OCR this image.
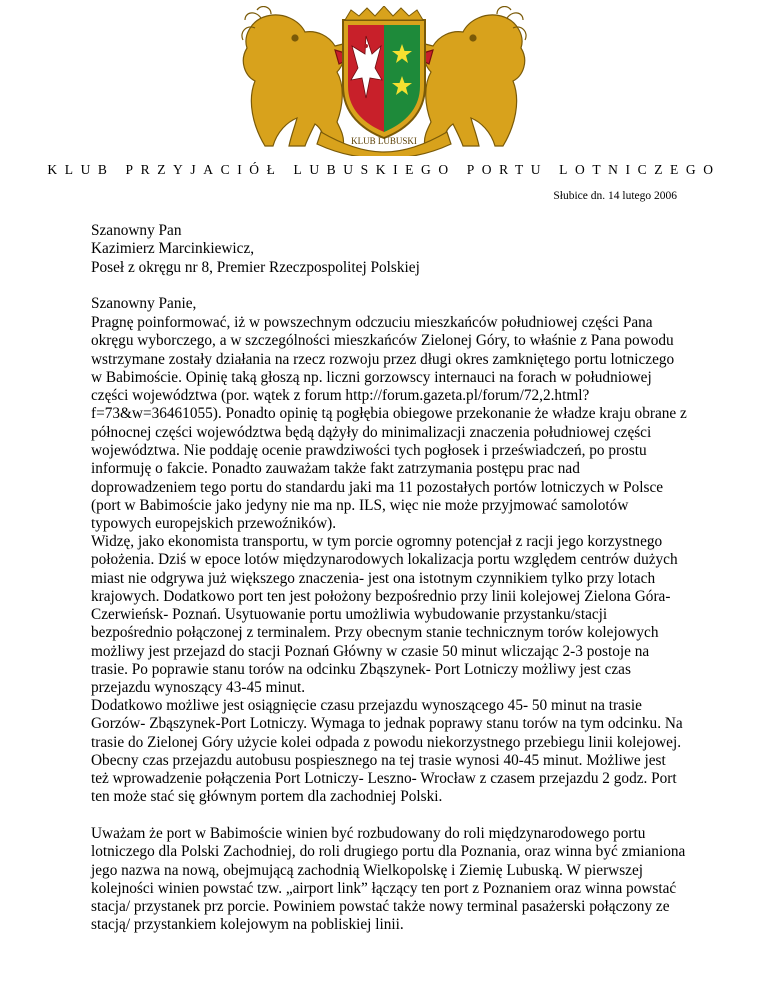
KLUB LUBUSKI
KLUB PRZYJACIÓŁ LUBUSKIEGO PORTU LOTNICZEGO
Słubice dn. 14 lutego 2006
Szanowny Pan
Kazimierz Marcinkiewicz,
Poseł z okręgu nr 8, Premier Rzeczpospolitej Polskiej
Szanowny Panie,

Pragnę poinformować, iż w powszechnym odczuciu mieszkańców południowej części Pana okręgu wyborczego, a w szczególności mieszkańców Zielonej Góry, to właśnie z Pana powodu wstrzymane zostały działania na rzecz rozwoju przez długi okres zamkniętego portu lotniczego w Babimoście. Opinię taką głoszą np. liczni gorzowscy internauci na forach w południowej części województwa (por. wątek z forum http://forum.gazeta.pl/forum/72,2.html?f=73&w=36461055). Ponadto opinię tą pogłębia obiegowe przekonanie że władze kraju obrane z północnej części województwa będą dążyły do minimalizacji znaczenia południowej części województwa. Nie poddaję ocenie prawdziwości tych pogłosek i przeświadczeń, po prostu informuję o fakcie. Ponadto zauważam także fakt zatrzymania postępu prac nad doprowadzeniem tego portu do standardu jaki ma 11 pozostałych portów lotniczych w Polsce (port w Babimoście jako jedyny nie ma np. ILS, więc nie może przyjmować samolotów typowych europejskich przewoźników).

Widzę, jako ekonomista transportu, w tym porcie ogromny potencjał z racji jego korzystnego położenia. Dziś w epoce lotów międzynarodowych lokalizacja portu względem centrów dużych miast nie odgrywa już większego znaczenia- jest ona istotnym czynnikiem tylko przy lotach krajowych. Dodatkowo port ten jest położony bezpośrednio przy linii kolejowej Zielona Góra- Czerwieńsk- Poznań. Usytuowanie portu umożliwia wybudowanie przystanku/stacji bezpośrednio połączonej z terminalem. Przy obecnym stanie technicznym torów kolejowych możliwy jest przejazd do stacji Poznań Główny w czasie 50 minut wliczając 2-3 postoje na trasie. Po poprawie stanu torów na odcinku Zbąszynek- Port Lotniczy możliwy jest czas przejazdu wynoszący 43-45 minut.

Dodatkowo możliwe jest osiągnięcie czasu przejazdu wynoszącego 45- 50 minut na trasie Gorzów- Zbąszynek-Port Lotniczy. Wymaga to jednak poprawy stanu torów na tym odcinku. Na trasie do Zielonej Góry użycie kolei odpada z powodu niekorzystnego przebiegu linii kolejowej. Obecny czas przejazdu autobusu pospiesznego na tej trasie wynosi 40-45 minut. Możliwe jest też wprowadzenie połączenia Port Lotniczy- Leszno- Wrocław z czasem przejazdu 2 godz. Port ten może stać się głównym portem dla zachodniej Polski.

Uważam że port w Babimoście winien być rozbudowany do roli międzynarodowego portu lotniczego dla Polski Zachodniej, do roli drugiego portu dla Poznania, oraz winna być zmianiona jego nazwa na nową, obejmującą zachodnią Wielkopolskę i Ziemię Lubuską. W pierwszej kolejności winien powstać tzw. „airport link” łączący ten port z Poznaniem oraz winna powstać stacja/ przystanek prz porcie. Powiniem powstać także nowy terminal pasażerski połączony ze stacją/ przystankiem kolejowym na pobliskiej linii.
